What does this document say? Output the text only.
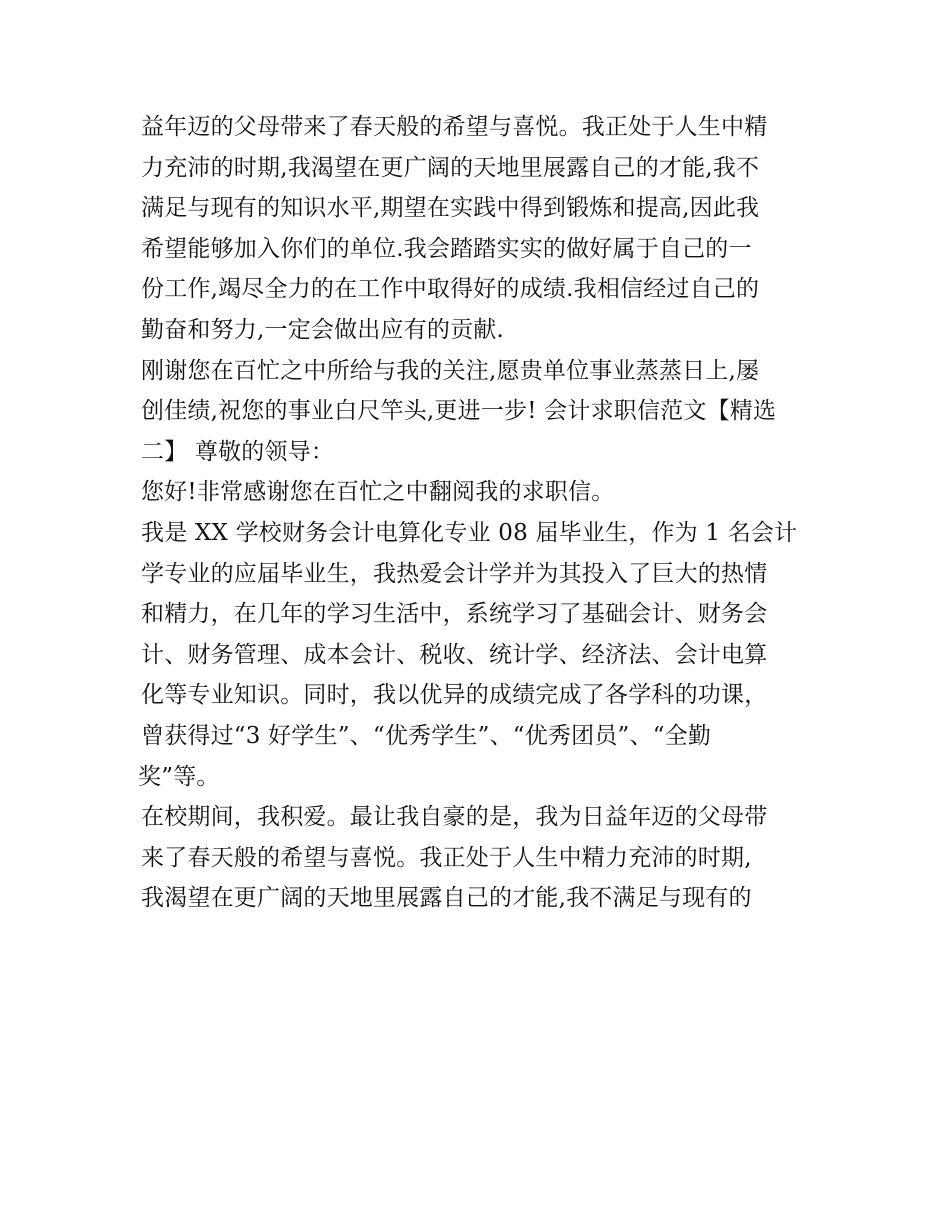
益年迈的父母带来了春天般的希望与喜悦。我正处于人生中精
力充沛的时期,我渴望在更广阔的天地里展露自己的才能,我不
满足与现有的知识水平,期望在实践中得到锻炼和提高,因此我
希望能够加入你们的单位.我会踏踏实实的做好属于自己的一
份工作,竭尽全力的在工作中取得好的成绩.我相信经过自己的
勤奋和努力,一定会做出应有的贡献.
刚谢您在百忙之中所给与我的关注,愿贵单位事业蒸蒸日上,屡
创佳绩,祝您的事业白尺竿头,更进一步! 会计求职信范文【精选
二】 尊敬的领导：
您好!非常感谢您在百忙之中翻阅我的求职信。
我是 XX 学校财务会计电算化专业 08 届毕业生，作为 1 名会计
学专业的应届毕业生，我热爱会计学并为其投入了巨大的热情
和精力，在几年的学习生活中，系统学习了基础会计、财务会
计、财务管理、成本会计、税收、统计学、经济法、会计电算
化等专业知识。同时，我以优异的成绩完成了各学科的功课，
曾获得过“3 好学生”、“优秀学生”、“优秀团员”、“全勤
奖”等。
在校期间，我积爱。最让我自豪的是，我为日益年迈的父母带
来了春天般的希望与喜悦。我正处于人生中精力充沛的时期,
我渴望在更广阔的天地里展露自己的才能,我不满足与现有的
